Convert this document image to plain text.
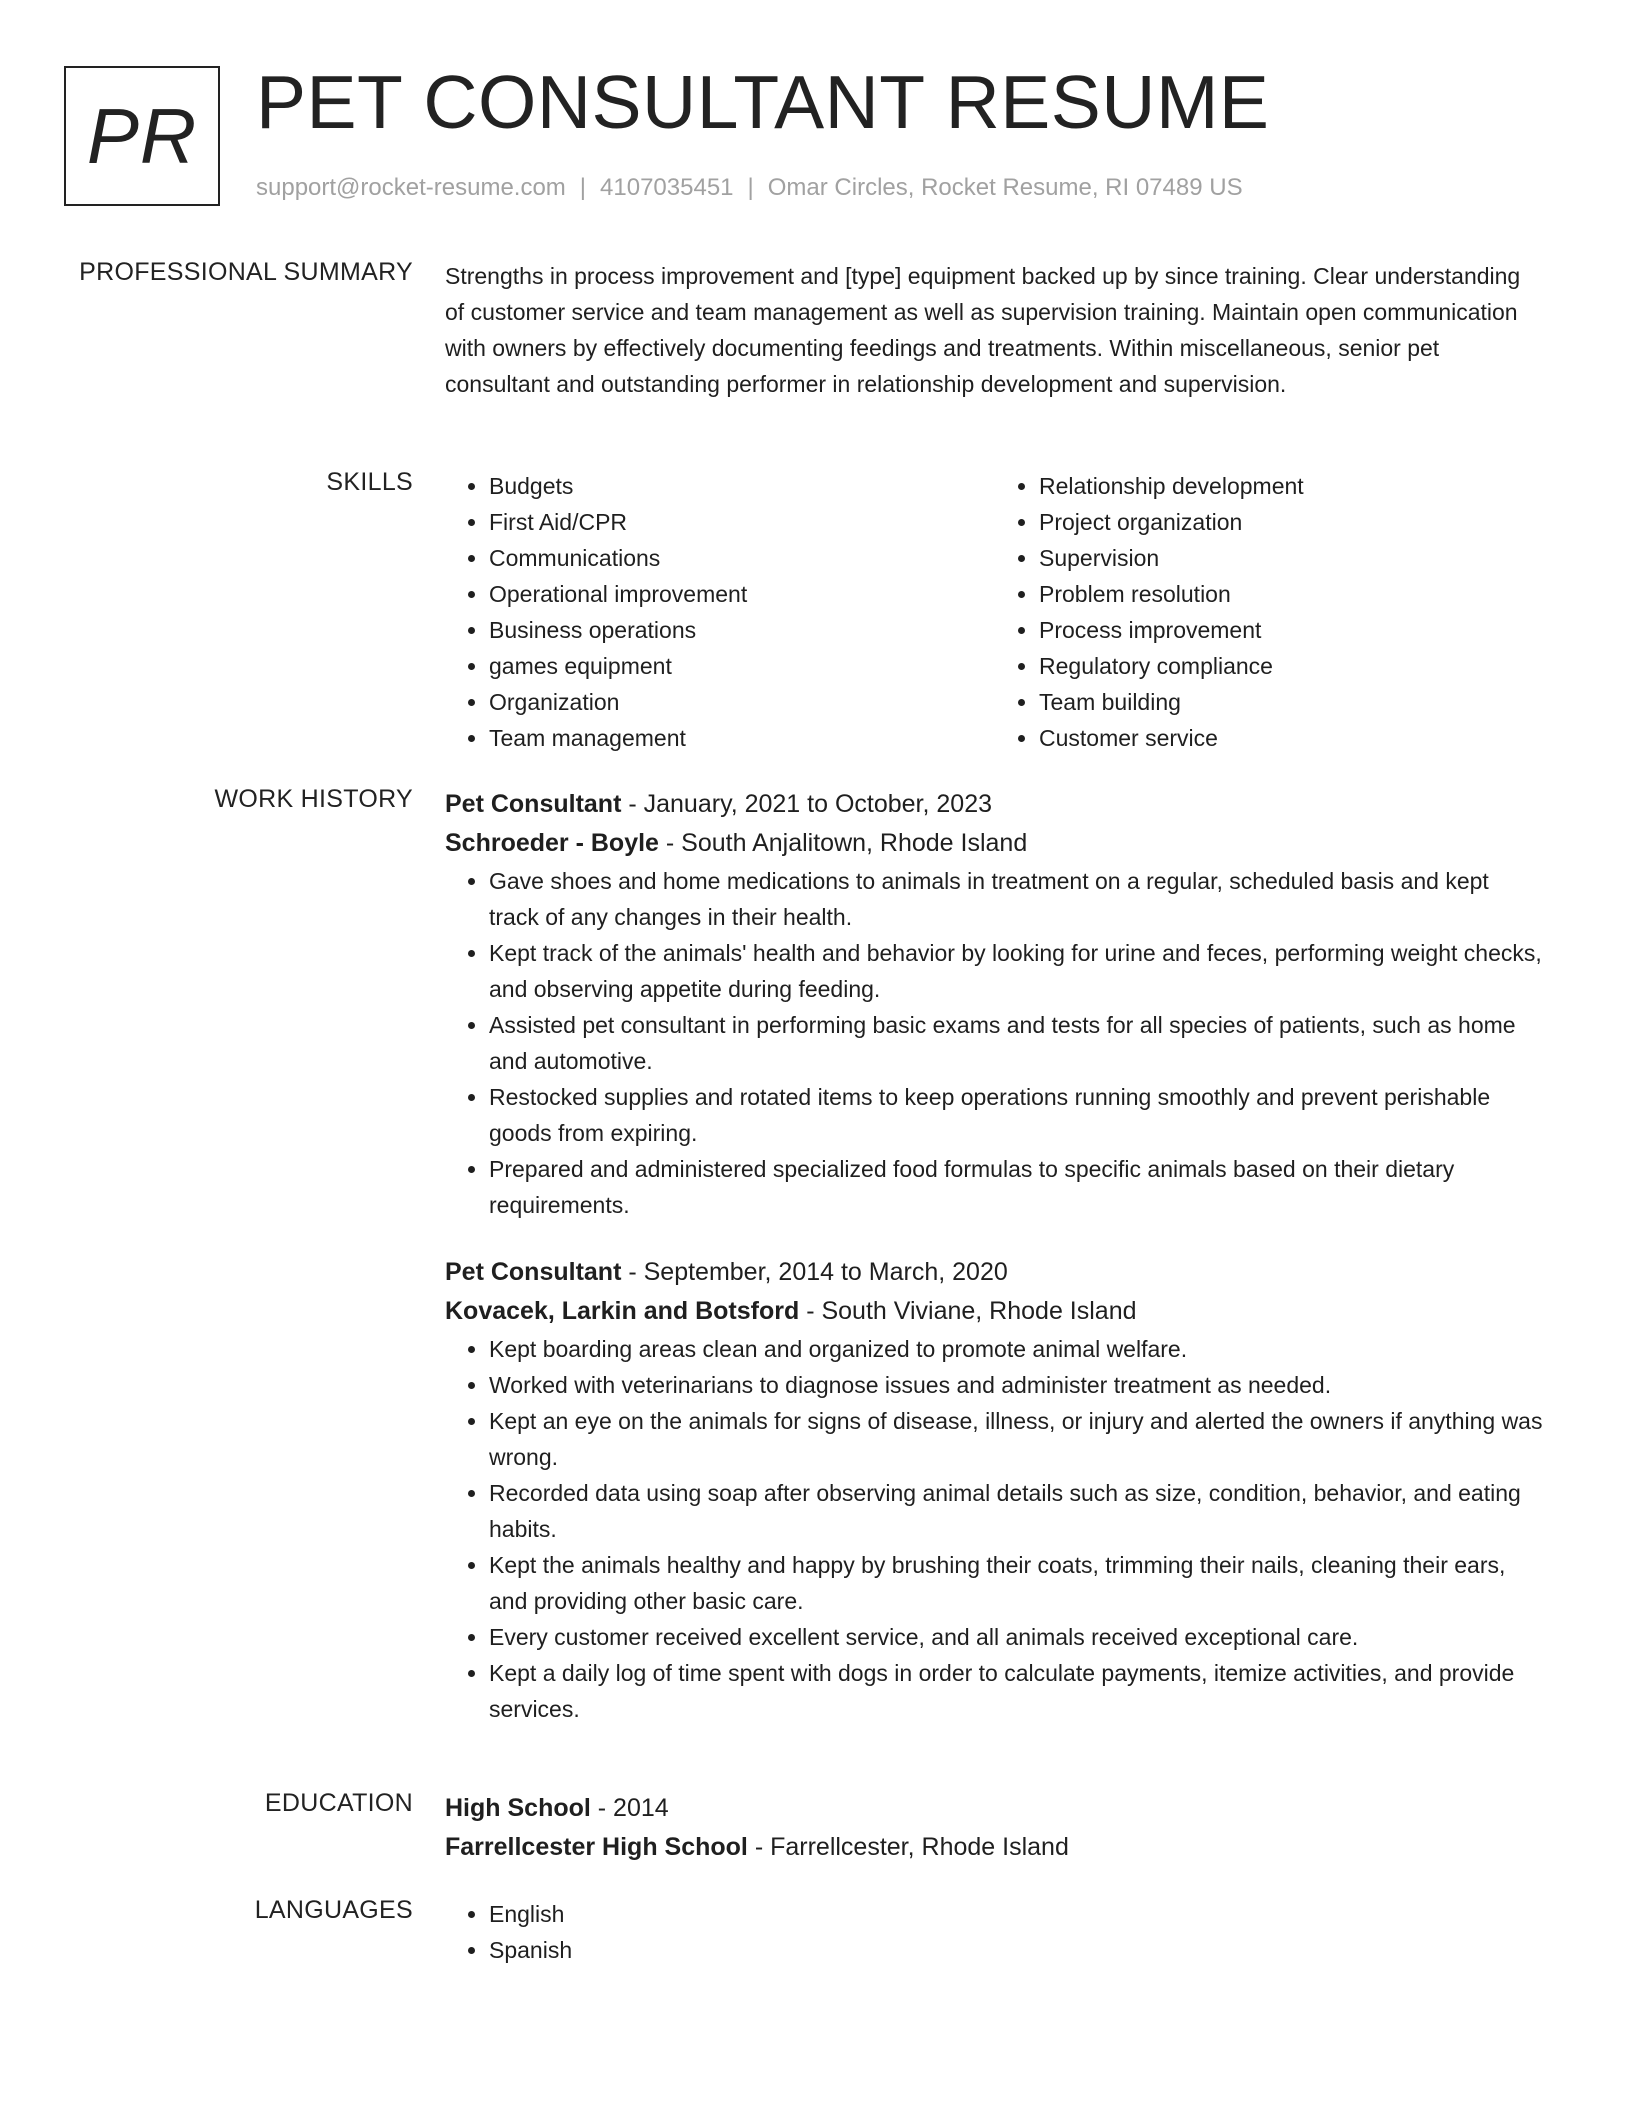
PR PET CONSULTANT RESUME
support@rocket-resume.com | 4107035451 | Omar Circles, Rocket Resume, RI 07489 US
PROFESSIONAL SUMMARY Strengths in process improvement and [type] equipment backed up by since training. Clear understanding of customer service and team management as well as supervision training. Maintain open communication with owners by effectively documenting feedings and treatments. Within miscellaneous, senior pet consultant and outstanding performer in relationship development and supervision.

SKILLS	• Budgets
• First Aid/CPR
• Communications
• Operational improvement
• Business operations
• games equipment
• Organization
• Team management
• Relationship development
• Project organization
• Supervision
• Problem resolution
• Process improvement
• Regulatory compliance
• Team building
• Customer service
WORK HISTORY Pet Consultant - January, 2021 to October, 2023
Schroeder - Boyle - South Anjalitown, Rhode Island
• Gave shoes and home medications to animals in treatment on a regular, scheduled basis and kept track of any changes in their health.
• Kept track of the animals' health and behavior by looking for urine and feces, performing weight checks, and observing appetite during feeding.
• Assisted pet consultant in performing basic exams and tests for all species of patients, such as home and automotive.
• Restocked supplies and rotated items to keep operations running smoothly and prevent perishable goods from expiring.
• Prepared and administered specialized food formulas to specific animals based on their dietary requirements.
Pet Consultant - September, 2014 to March, 2020
Kovacek, Larkin and Botsford - South Viviane, Rhode Island
• Kept boarding areas clean and organized to promote animal welfare.
• Worked with veterinarians to diagnose issues and administer treatment as needed.
• Kept an eye on the animals for signs of disease, illness, or injury and alerted the owners if anything was wrong.
• Recorded data using soap after observing animal details such as size, condition, behavior, and eating habits.
• Kept the animals healthy and happy by brushing their coats, trimming their nails, cleaning their ears, and providing other basic care.
• Every customer received excellent service, and all animals received exceptional care.
• Kept a daily log of time spent with dogs in order to calculate payments, itemize activities, and provide services.
EDUCATION High School - 2014
Farrellcester High School - Farrellcester, Rhode Island
LANGUAGES	• English
• Spanish
